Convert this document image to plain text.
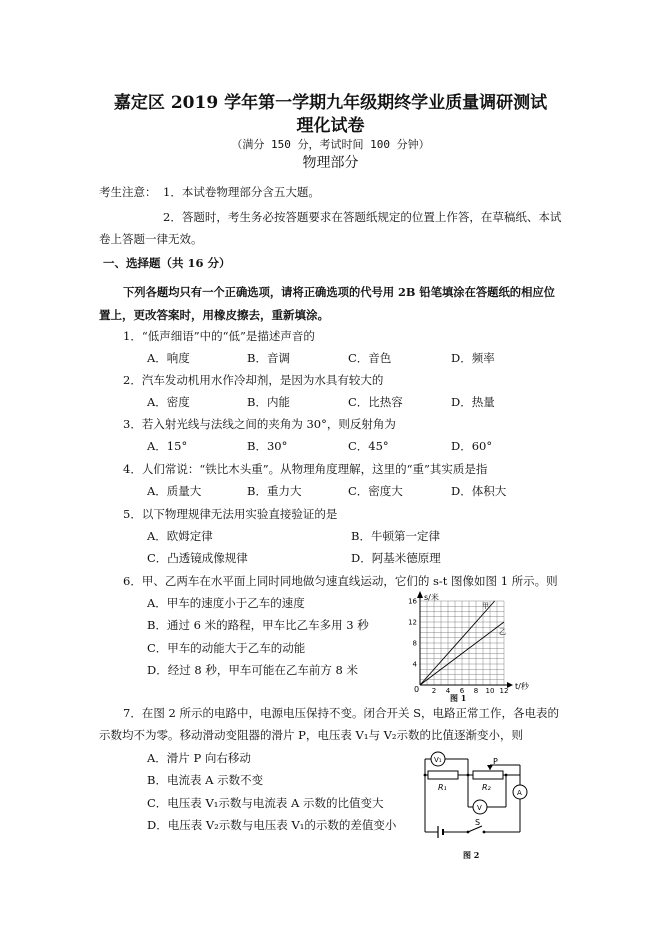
嘉定区 2019 学年第一学期九年级期终学业质量调研测试
理化试卷
（满分 150 分，考试时间 100 分钟）
物理部分
考生注意： 1．本试卷物理部分含五大题。
2．答题时，考生务必按答题要求在答题纸规定的位置上作答，在草稿纸、本试
卷上答题一律无效。
一、选择题（共 16 分）
下列各题均只有一个正确选项，请将正确选项的代号用 2B 铅笔填涂在答题纸的相应位
置上，更改答案时，用橡皮擦去，重新填涂。
1．“低声细语”中的“低”是描述声音的
A．响度	B．音调	C．音色	D．频率
2．汽车发动机用水作冷却剂，是因为水具有较大的
A．密度	B．内能	C．比热容	D．热量
3．若入射光线与法线之间的夹角为 30°，则反射角为
A．15°	B．30°	C．45°	D．60°
4．人们常说：“铁比木头重”。从物理角度理解，这里的“重”其实质是指
A．质量大	B．重力大	C．密度大	D．体积大
5．以下物理规律无法用实验直接验证的是
A．欧姆定律	B．牛顿第一定律
C．凸透镜成像规律	D．阿基米德原理
6．甲、乙两车在水平面上同时同地做匀速直线运动，它们的 s-t 图像如图 1 所示。则
A．甲车的速度小于乙车的速度
B．通过 6 米的路程，甲车比乙车多用 3 秒
C．甲车的动能大于乙车的动能
D．经过 8 秒，甲车可能在乙车前方 8 米
2 4 6 8 10 12
4
8
12
16 s/米
t/秒
0
甲
乙
图 1
7．在图 2 所示的电路中，电源电压保持不变。闭合开关 S，电路正常工作，各电表的
示数均不为零。移动滑动变阻器的滑片 P，电压表 V₁与 V₂示数的比值逐渐变小，则
A．滑片 P 向右移动
B．电流表 A 示数不变
C．电压表 V₁示数与电流表 A 示数的比值变大
D．电压表 V₂示数与电压表 V₁的示数的差值变小
V₁
V
A
R₁	R₂
P
S
图 2
